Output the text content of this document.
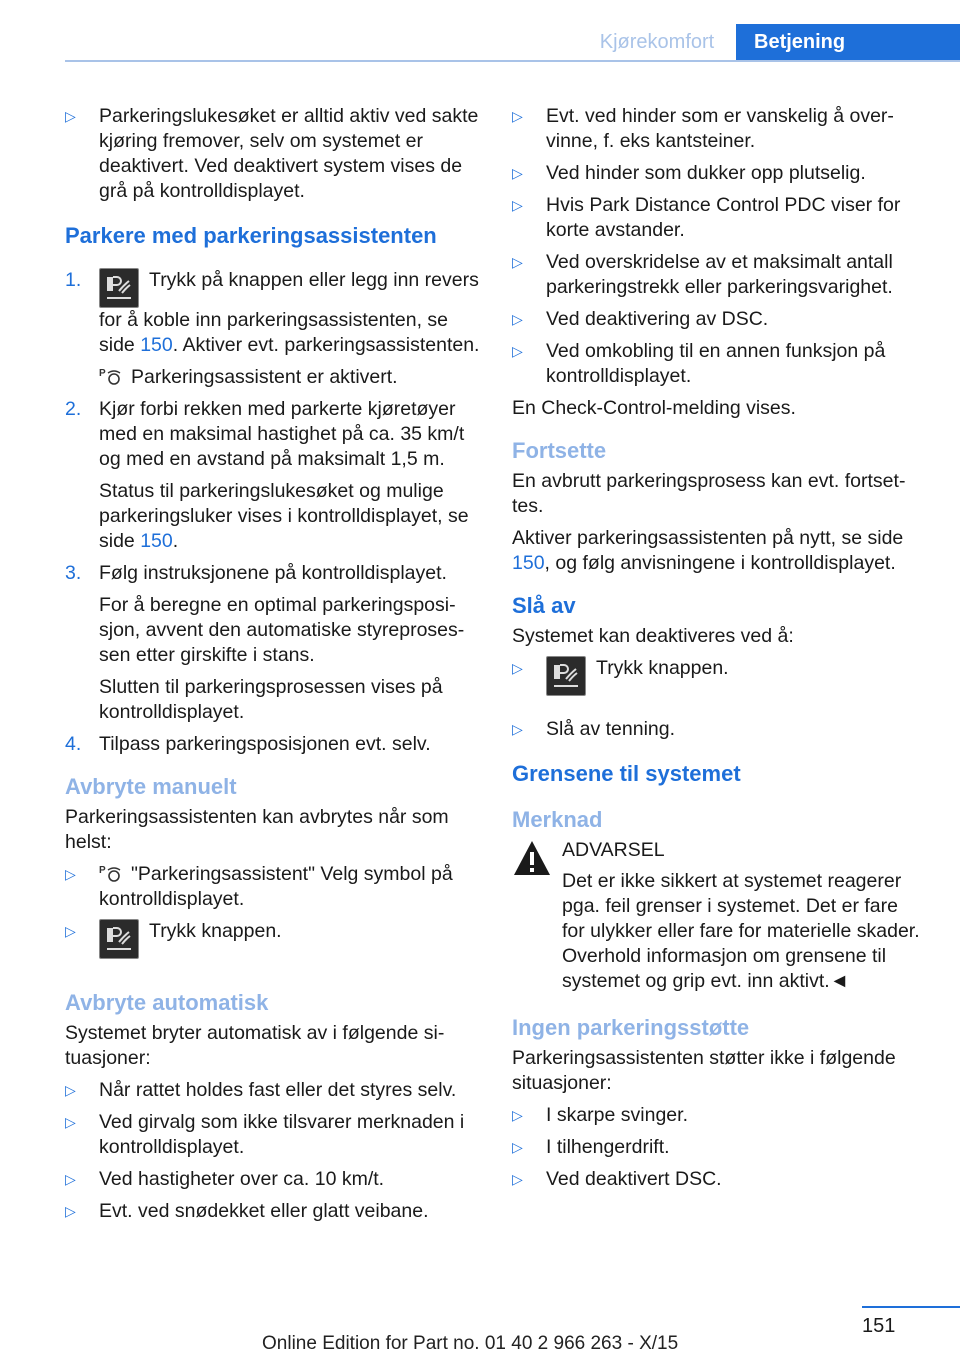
Kjørekomfort	Betjening
▷ Parkeringslukesøket er alltid aktiv ved sakte kjøring fremover, selv om systemet er deaktivert. Ved deaktivert system vises de grå på kontrolldisplayet.
Parkere med parkeringsassistenten
1.	Trykk på knappen eller legg inn revers for å koble inn parkeringsassistenten, se side 150. Aktiver evt. parkeringsassistenten.
P Parkeringsassistent er aktivert.
2. Kjør forbi rekken med parkerte kjøretøyer med en maksimal hastighet på ca. 35 km/t og med en avstand på maksimalt 1,5 m.
Status til parkeringslukesøket og mulige parkeringsluker vises i kontrolldisplayet, se side 150.
3. Følg instruksjonene på kontrolldisplayet.
For å beregne en optimal parkeringsposisjon, avvent den automatiske styreprosessen etter girskifte i stans.
Slutten til parkeringsprosessen vises på kontrolldisplayet.
4. Tilpass parkeringsposisjonen evt. selv.
Avbryte manuelt

Parkeringsassistenten kan avbrytes når som helst:

▷ P "Parkeringsassistent" Velg symbol på kontrolldisplayet.
▷	Trykk knappen.
Avbryte automatisk

Systemet bryter automatisk av i følgende situasjoner:

▷ Når rattet holdes fast eller det styres selv.
▷ Ved girvalg som ikke tilsvarer merknaden i kontrolldisplayet.
▷ Ved hastigheter over ca. 10 km/t.
▷ Evt. ved snødekket eller glatt veibane.
▷ Evt. ved hinder som er vanskelig å overvinne, f. eks kantsteiner.
▷ Ved hinder som dukker opp plutselig.
▷ Hvis Park Distance Control PDC viser for korte avstander.
▷ Ved overskridelse av et maksimalt antall parkeringstrekk eller parkeringsvarighet.
▷ Ved deaktivering av DSC.
▷ Ved omkobling til en annen funksjon på kontrolldisplayet.

En Check-Control-melding vises.

Fortsette

En avbrutt parkeringsprosess kan evt. fortsettes.

Aktiver parkeringsassistenten på nytt, se side 150, og følg anvisningene i kontrolldisplayet.

Slå av

Systemet kan deaktiveres ved å:

▷	Trykk knappen.
▷ Slå av tenning.
Grensene til systemet
Merknad
ADVARSEL

Det er ikke sikkert at systemet reagerer pga. feil grenser i systemet. Det er fare for ulykker eller fare for materielle skader. Overhold informasjon om grensene til systemet og grip evt. inn aktivt.◄

Ingen parkeringsstøtte

Parkeringsassistenten støtter ikke i følgende situasjoner:

▷ I skarpe svinger.
▷ I tilhengerdrift.
▷ Ved deaktivert DSC.
151
Online Edition for Part no. 01 40 2 966 263 - X/15
